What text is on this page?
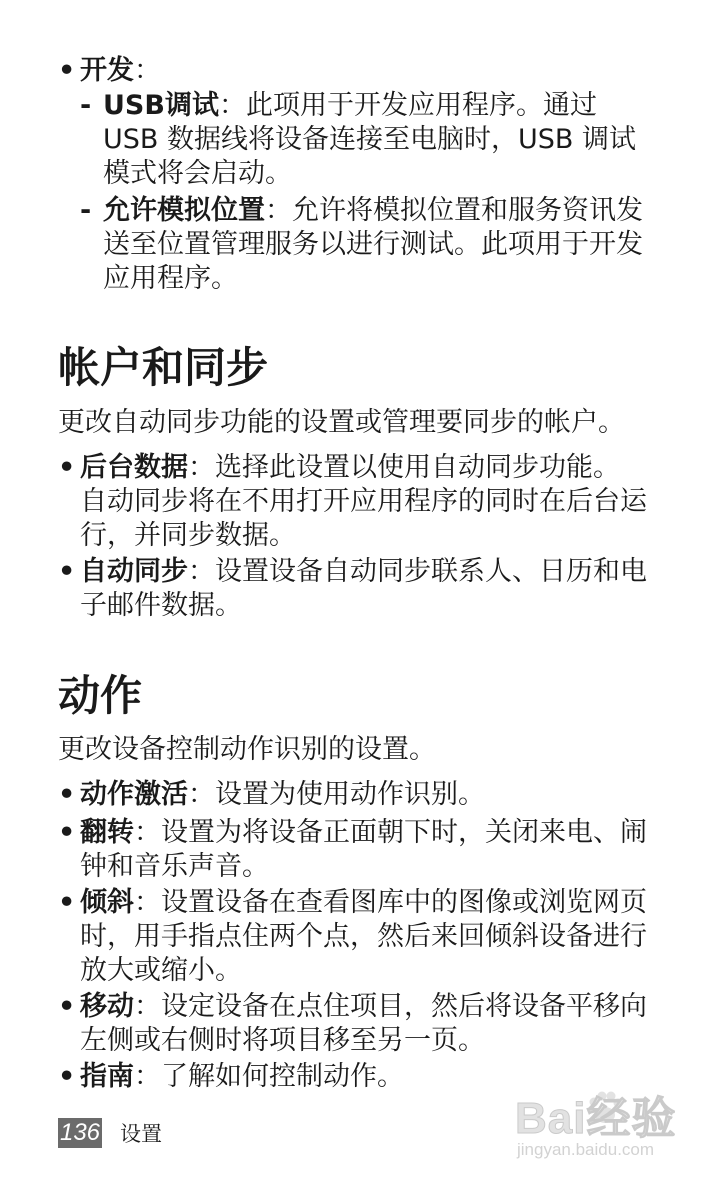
• 开发：
- USB调试：此项用于开发应用程序。通过
USB 数据线将设备连接至电脑时，USB 调试
模式将会启动。
- 允许模拟位置：允许将模拟位置和服务资讯发
送至位置管理服务以进行测试。此项用于开发
应用程序。
帐户和同步
更改自动同步功能的设置或管理要同步的帐户。
• 后台数据：选择此设置以使用自动同步功能。
自动同步将在不用打开应用程序的同时在后台运
行，并同步数据。
• 自动同步：设置设备自动同步联系人、日历和电
子邮件数据。
动作
更改设备控制动作识别的设置。
• 动作激活：设置为使用动作识别。
• 翻转：设置为将设备正面朝下时，关闭来电、闹
钟和音乐声音。
• 倾斜：设置设备在查看图库中的图像或浏览网页
时，用手指点住两个点，然后来回倾斜设备进行
放大或缩小。
• 移动：设定设备在点住项目，然后将设备平移向
左侧或右侧时将项目移至另一页。
• 指南：了解如何控制动作。
136 设置	Bai经验
jingyan.baidu.com
